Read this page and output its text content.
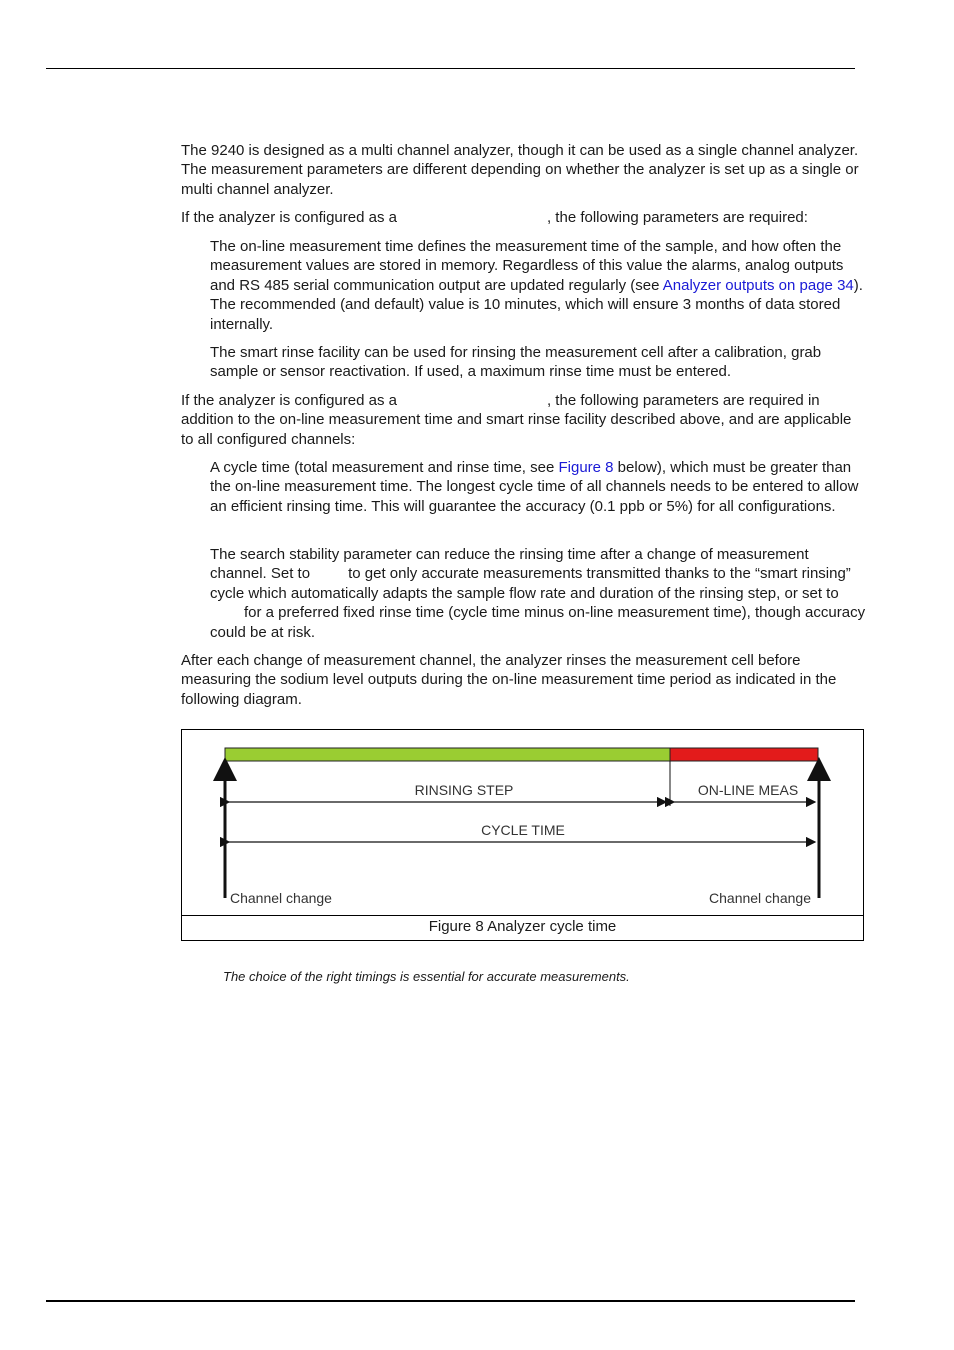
The 9240 is designed as a multi channel analyzer, though it can be used as a single channel analyzer. The measurement parameters are different depending on whether the analyzer is set up as a single or multi channel analyzer.

If the analyzer is configured as a	, the following parameters are required:

The on-line measurement time defines the measurement time of the sample, and how often the measurement values are stored in memory. Regardless of this value the alarms, analog outputs and RS 485 serial communication output are updated regularly (see Analyzer outputs on page 34). The recommended (and default) value is 10 minutes, which will ensure 3 months of data stored internally.

The smart rinse facility can be used for rinsing the measurement cell after a calibration, grab sample or sensor reactivation. If used, a maximum rinse time must be entered.

If the analyzer is configured as a	, the following parameters are required in addition to the on-line measurement time and smart rinse facility described above, and are applicable to all configured channels:

A cycle time (total measurement and rinse time, see Figure 8 below), which must be greater than the on-line measurement time. The longest cycle time of all channels needs to be entered to allow an efficient rinsing time. This will guarantee the accuracy (0.1 ppb or 5%) for all configurations.

The search stability parameter can reduce the rinsing time after a change of measurement channel. Set to	to get only accurate measurements transmitted thanks to the “smart rinsing” cycle which automatically adapts the sample flow rate and duration of the rinsing step, or set tofor a preferred fixed rinse time (cycle time minus on-line measurement time), though accuracy could be at risk.

After each change of measurement channel, the analyzer rinses the measurement cell before measuring the sodium level outputs during the on-line measurement time period as indicated in the following diagram.

RINSING STEP	ON-LINE MEAS
CYCLE TIME
Channel change	Channel change
Figure 8 Analyzer cycle time
The choice of the right timings is essential for accurate measurements.
